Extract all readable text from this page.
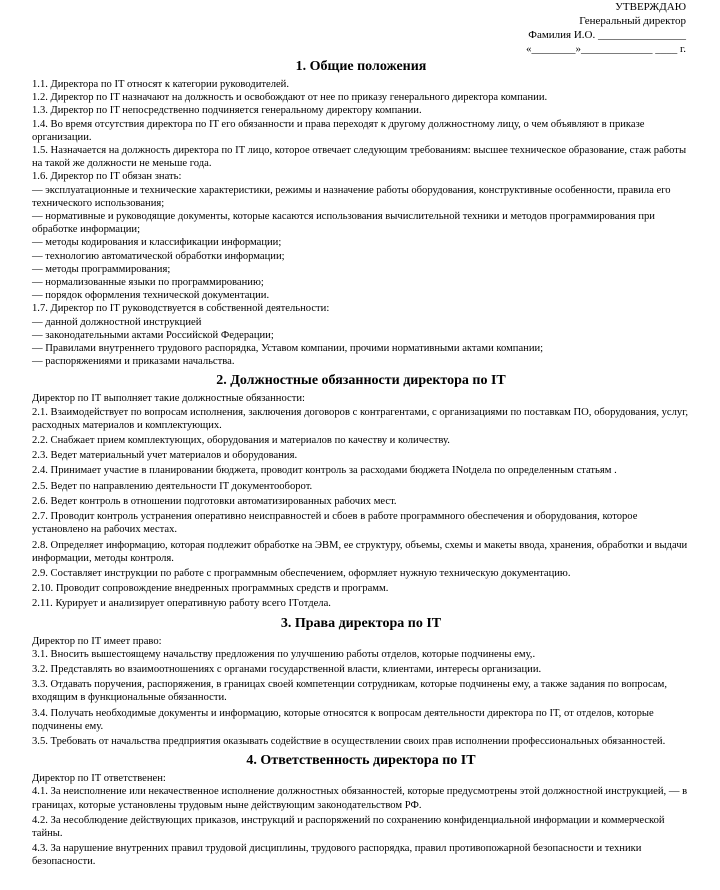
УТВЕРЖДАЮ
Генеральный директор
Фамилия И.О. ________________
«________»_____________ ____ г.
1. Общие положения

1.1. Директора по IT относят к категории руководителей.

1.2. Директор по IT назначают на должность и освобождают от нее по приказу генерального директора компании.

1.3. Директор по IT непосредственно подчиняется генеральному директору компании.

1.4. Во время отсутствия директора по IT его обязанности и права переходят к другому должностному лицу, о чем объявляют в приказе организации.

1.5. Назначается на должность директора по IT лицо, которое отвечает следующим требованиям: высшее техническое образование, стаж работы на такой же должности не меньше года.

1.6. Директор по IT обязан знать:

— эксплуатационные и технические характеристики, режимы и назначение работы оборудования, конструктивные особенности, правила его технического использования;

— нормативные и руководящие документы, которые касаются использования вычислительной техники и методов программирования при обработке информации;

— методы кодирования и классификации информации;

— технологию автоматической обработки информации;

— методы программирования;

— нормализованные языки по программированию;

— порядок оформления технической документации.

1.7. Директор по IT руководствуется в собственной деятельности:

— данной должностной инструкцией

— законодательными актами Российской Федерации;

— Правилами внутреннего трудового распорядка, Уставом компании, прочими нормативными актами компании;

— распоряжениями и приказами начальства.

2. Должностные обязанности директора по IT

Директор по IT выполняет такие должностные обязанности:

2.1. Взаимодействует по вопросам исполнения, заключения договоров с контрагентами, с организациями по поставкам ПО, оборудования, услуг, расходных материалов и комплектующих.

2.2. Снабжает прием комплектующих, оборудования и материалов по качеству и количеству.

2.3. Ведет материальный учет материалов и оборудования.

2.4. Принимает участие в планировании бюджета, проводит контроль за расходами бюджета INotдела по определенным статьям .

2.5. Ведет по направлению деятельности IT документооборот.

2.6. Ведет контроль в отношении подготовки автоматизированных рабочих мест.

2.7. Проводит контроль устранения оперативно неисправностей и сбоев в работе программного обеспечения и оборудования, которое установлено на рабочих местах.

2.8. Определяет информацию, которая подлежит обработке на ЭВМ, ее структуру, объемы, схемы и макеты ввода, хранения, обработки и выдачи информации, методы контроля.

2.9. Составляет инструкции по работе с программным обеспечением, оформляет нужную техническую документацию.

2.10. Проводит сопровождение внедренных программных средств и программ.

2.11. Курирует и анализирует оперативную работу всего ITотдела.

3. Права директора по IT

Директор по IT имеет право:

3.1. Вносить вышестоящему начальству предложения по улучшению работы отделов, которые подчинены ему,.

3.2. Представлять во взаимоотношениях с органами государственной власти, клиентами, интересы организации.

3.3. Отдавать поручения, распоряжения, в границах своей компетенции сотрудникам, которые подчинены ему, а также задания по вопросам, входящим в функциональные обязанности.

3.4. Получать необходимые документы и информацию, которые относятся к вопросам деятельности директора по IT, от отделов, которые подчинены ему.

3.5. Требовать от начальства предприятия оказывать содействие в осуществлении своих прав исполнении профессиональных обязанностей.

4. Ответственность директора по IT

Директор по IT ответственен:

4.1. За неисполнение или некачественное исполнение должностных обязанностей, которые предусмотрены этой должностной инструкцией, — в границах, которые установлены трудовым ныне действующим законодательством РФ.

4.2. За несоблюдение действующих приказов, инструкций и распоряжений по сохранению конфиденциальной информации и коммерческой тайны.

4.3. За нарушение внутренних правил трудовой дисциплины, трудового распорядка, правил противопожарной безопасности и техники безопасности.
